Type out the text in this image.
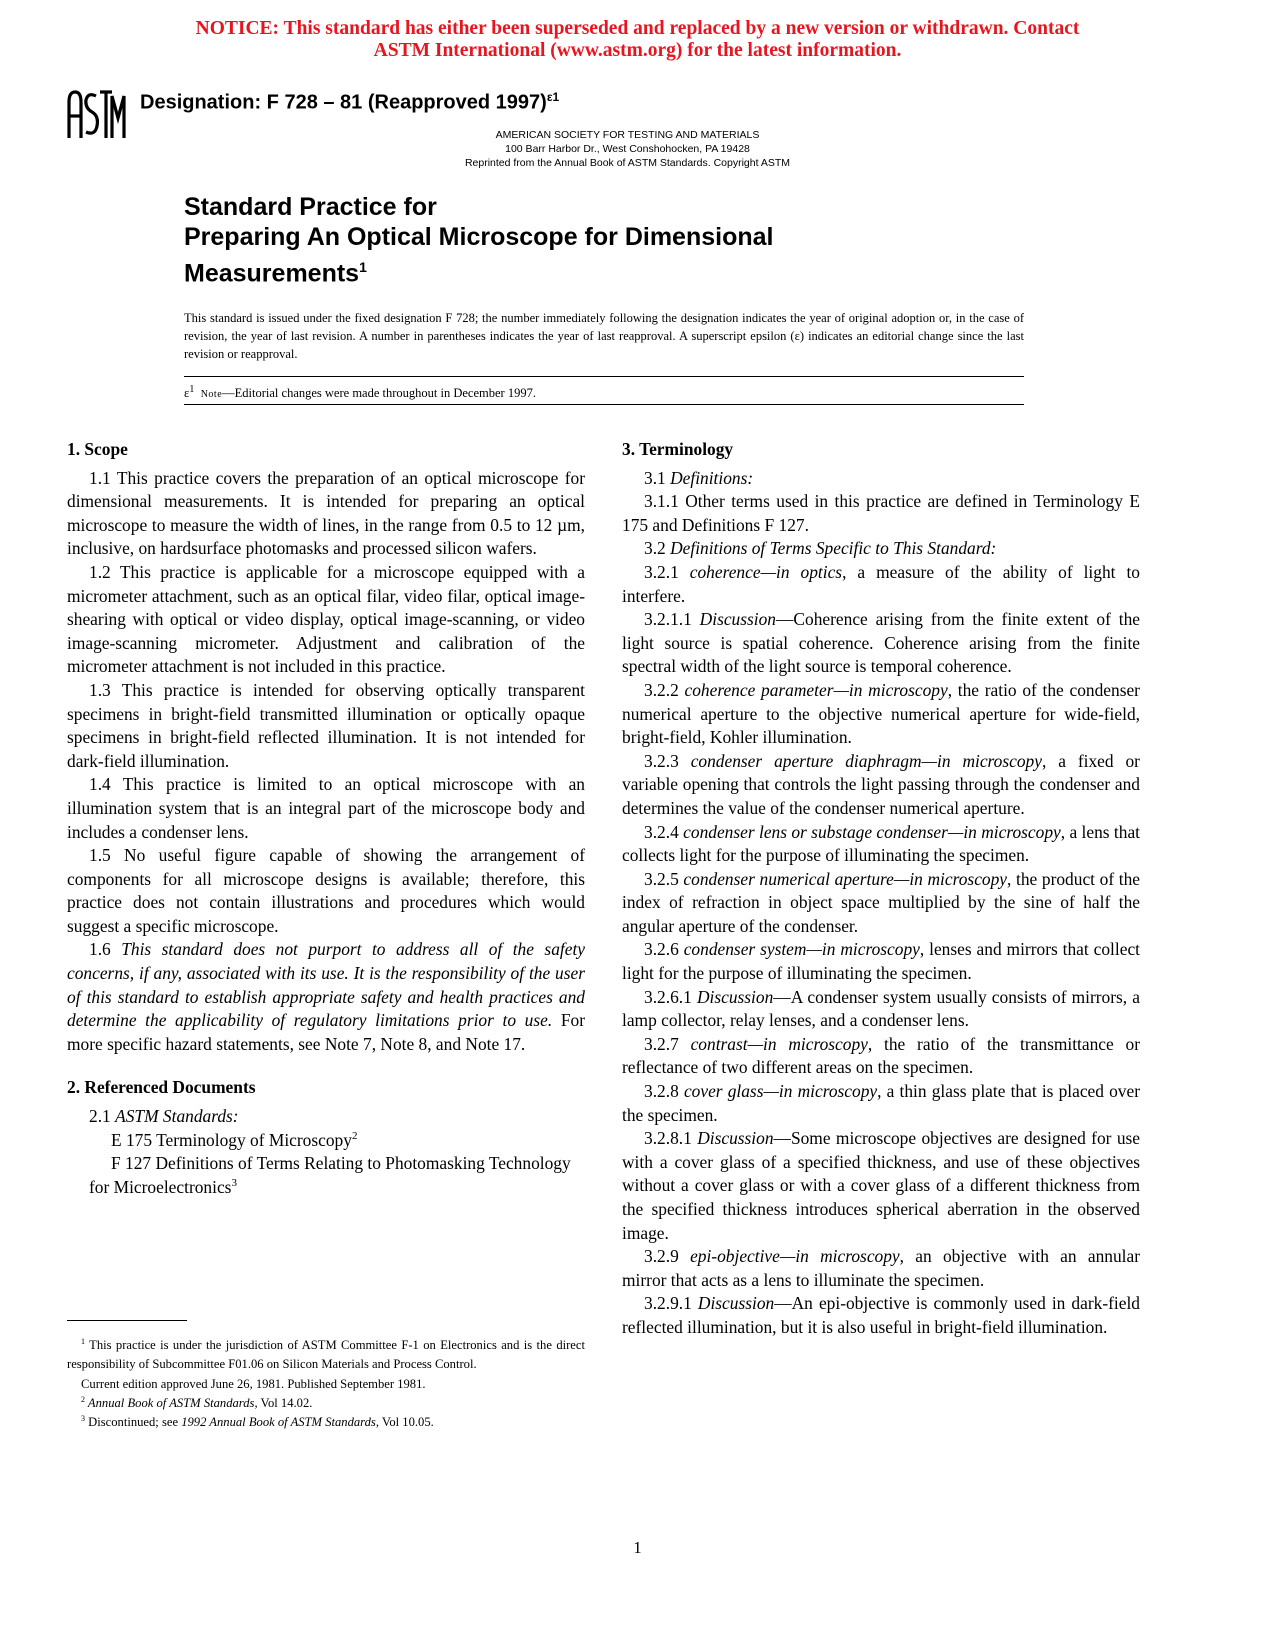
NOTICE: This standard has either been superseded and replaced by a new version or withdrawn. Contact
ASTM International (www.astm.org) for the latest information.
Designation: F 728 – 81 (Reapproved 1997)$^{\varepsilon 1}$
AMERICAN SOCIETY FOR TESTING AND MATERIALS
100 Barr Harbor Dr., West Conshohocken, PA 19428
Reprinted from the Annual Book of ASTM Standards. Copyright ASTM
Standard Practice for
Preparing An Optical Microscope for Dimensional
Measurements$^1$
This standard is issued under the fixed designation F 728; the number immediately following the designation indicates the year of original adoption or, in the case of revision, the year of last revision. A number in parentheses indicates the year of last reapproval. A superscript epsilon (ε) indicates an editorial change since the last revision or reapproval.
$\varepsilon^1$ Note—Editorial changes were made throughout in December 1997.
1. Scope

1.1 This practice covers the preparation of an optical microscope for dimensional measurements. It is intended for preparing an optical microscope to measure the width of lines, in the range from 0.5 to 12 µm, inclusive, on hardsurface photomasks and processed silicon wafers.

1.2 This practice is applicable for a microscope equipped with a micrometer attachment, such as an optical filar, video filar, optical image-shearing with optical or video display, optical image-scanning, or video image-scanning micrometer. Adjustment and calibration of the micrometer attachment is not included in this practice.

1.3 This practice is intended for observing optically transparent specimens in bright-field transmitted illumination or optically opaque specimens in bright-field reflected illumination. It is not intended for dark-field illumination.

1.4 This practice is limited to an optical microscope with an illumination system that is an integral part of the microscope body and includes a condenser lens.

1.5 No useful figure capable of showing the arrangement of components for all microscope designs is available; therefore, this practice does not contain illustrations and procedures which would suggest a specific microscope.

1.6 This standard does not purport to address all of the safety concerns, if any, associated with its use. It is the responsibility of the user of this standard to establish appropriate safety and health practices and determine the applicability of regulatory limitations prior to use. For more specific hazard statements, see Note 7, Note 8, and Note 17.

2. Referenced Documents

2.1 ASTM Standards:

E 175 Terminology of Microscopy$^2$

F 127 Definitions of Terms Relating to Photomasking Technology for Microelectronics$^3$

$^1$ This practice is under the jurisdiction of ASTM Committee F-1 on Electronics and is the direct responsibility of Subcommittee F01.06 on Silicon Materials and Process Control.

Current edition approved June 26, 1981. Published September 1981.

$^2$ Annual Book of ASTM Standards, Vol 14.02.

$^3$ Discontinued; see 1992 Annual Book of ASTM Standards, Vol 10.05.

3. Terminology

3.1 Definitions:

3.1.1 Other terms used in this practice are defined in Terminology E 175 and Definitions F 127.

3.2 Definitions of Terms Specific to This Standard:

3.2.1 coherence—in optics, a measure of the ability of light to interfere.

3.2.1.1 Discussion—Coherence arising from the finite extent of the light source is spatial coherence. Coherence arising from the finite spectral width of the light source is temporal coherence.

3.2.2 coherence parameter—in microscopy, the ratio of the condenser numerical aperture to the objective numerical aperture for wide-field, bright-field, Kohler illumination.

3.2.3 condenser aperture diaphragm—in microscopy, a fixed or variable opening that controls the light passing through the condenser and determines the value of the condenser numerical aperture.

3.2.4 condenser lens or substage condenser—in microscopy, a lens that collects light for the purpose of illuminating the specimen.

3.2.5 condenser numerical aperture—in microscopy, the product of the index of refraction in object space multiplied by the sine of half the angular aperture of the condenser.

3.2.6 condenser system—in microscopy, lenses and mirrors that collect light for the purpose of illuminating the specimen.

3.2.6.1 Discussion—A condenser system usually consists of mirrors, a lamp collector, relay lenses, and a condenser lens.

3.2.7 contrast—in microscopy, the ratio of the transmittance or reflectance of two different areas on the specimen.

3.2.8 cover glass—in microscopy, a thin glass plate that is placed over the specimen.

3.2.8.1 Discussion—Some microscope objectives are designed for use with a cover glass of a specified thickness, and use of these objectives without a cover glass or with a cover glass of a different thickness from the specified thickness introduces spherical aberration in the observed image.

3.2.9 epi-objective—in microscopy, an objective with an annular mirror that acts as a lens to illuminate the specimen.

3.2.9.1 Discussion—An epi-objective is commonly used in dark-field reflected illumination, but it is also useful in bright-field illumination.

1
